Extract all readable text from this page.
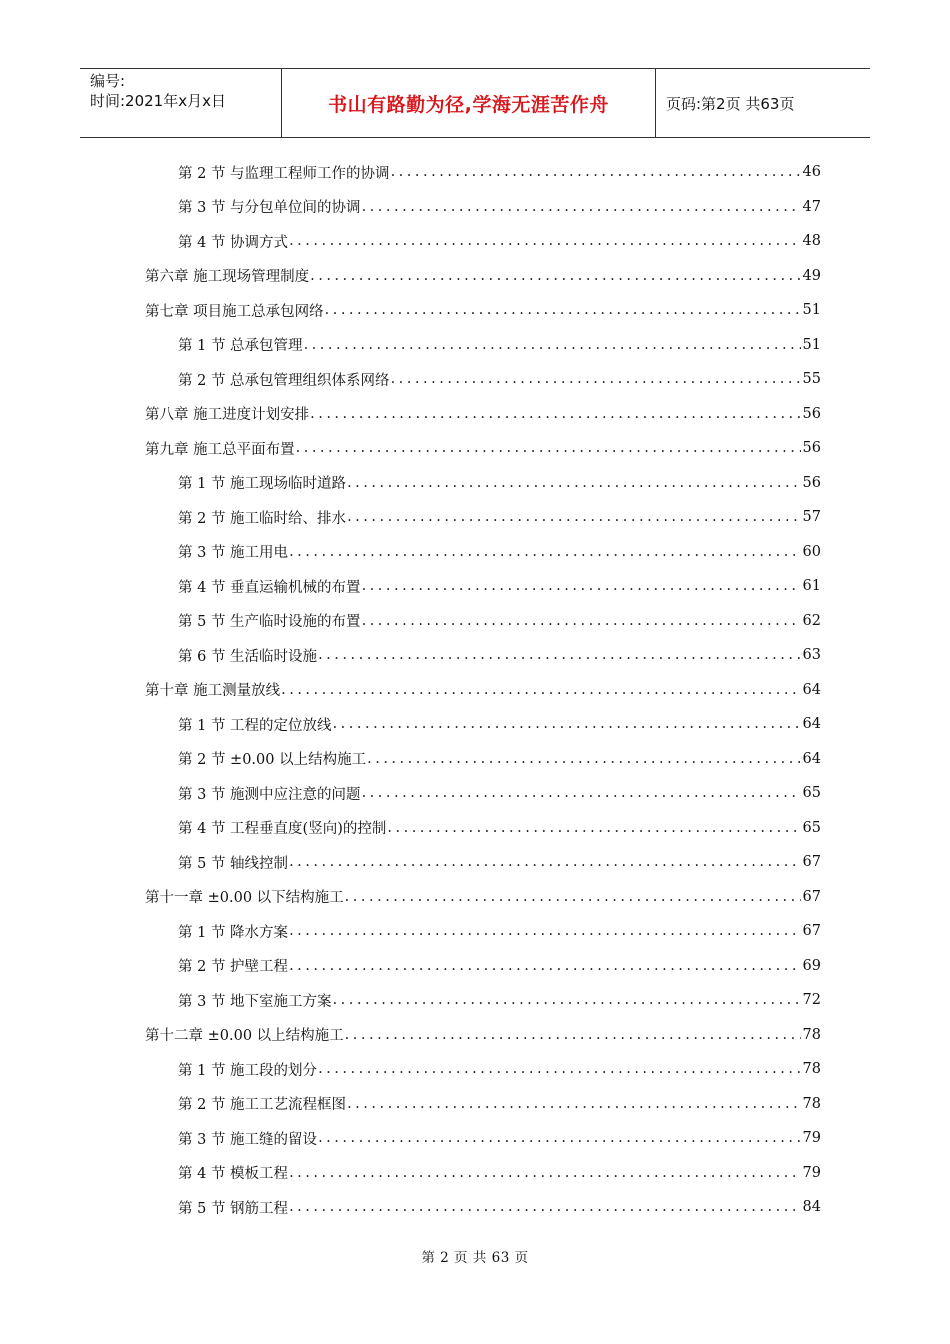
编号:
时间:2021年x月x日	书山有路勤为径,学海无涯苦作舟	页码:第2页 共63页
第 2 节 与监理工程师工作的协调 .....	46
第 3 节 与分包单位间的协调 .....	47
第 4 节 协调方式 .....	48
第六章 施工现场管理制度 .....	49
第七章 项目施工总承包网络 .....	51
第 1 节 总承包管理 .....	51
第 2 节 总承包管理组织体系网络 .....	55
第八章 施工进度计划安排 .....	56
第九章 施工总平面布置 .....	56
第 1 节 施工现场临时道路 .....	56
第 2 节 施工临时给、排水 .....	57
第 3 节 施工用电 .....	60
第 4 节 垂直运输机械的布置 .....	61
第 5 节 生产临时设施的布置 .....	62
第 6 节 生活临时设施 .....	63
第十章 施工测量放线 .....	64
第 1 节 工程的定位放线 .....	64
第 2 节 ±0.00 以上结构施工 .....	64
第 3 节 施测中应注意的问题 .....	65
第 4 节 工程垂直度(竖向)的控制 .....	65
第 5 节 轴线控制 .....	67
第十一章 ±0.00 以下结构施工 .....	67
第 1 节 降水方案 .....	67
第 2 节 护壁工程 .....	69
第 3 节 地下室施工方案 .....	72
第十二章 ±0.00 以上结构施工 .....	78
第 1 节 施工段的划分 .....	78
第 2 节 施工工艺流程框图 .....	78
第 3 节 施工缝的留设 .....	79
第 4 节 模板工程 .....	79
第 5 节 钢筋工程 .....	84
第 2 页 共 63 页
